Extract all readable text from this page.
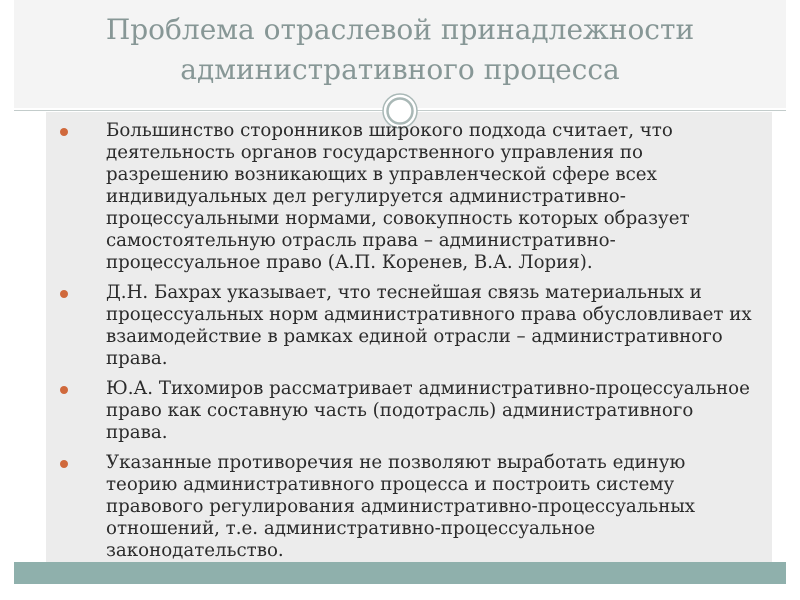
Проблема отраслевой принадлежности
административного процесса
Большинство сторонников широкого подхода считает, что деятельность органов государственного управления по разрешению возникающих в управленческой сфере всех индивидуальных дел регулируется административно-процессуальными нормами, совокупность которых образует самостоятельную отрасль права – административно-процессуальное право (А.П. Коренев, В.А. Лория).
Д.Н. Бахрах указывает, что теснейшая связь материальных и процессуальных норм административного права обусловливает их взаимодействие в рамках единой отрасли – административного права.
Ю.А. Тихомиров рассматривает административно-процессуальное право как составную часть (подотрасль) административного права.
Указанные противоречия не позволяют выработать единую теорию административного процесса и построить систему правового регулирования административно-процессуальных отношений, т.е. административно-процессуальное законодательство.
